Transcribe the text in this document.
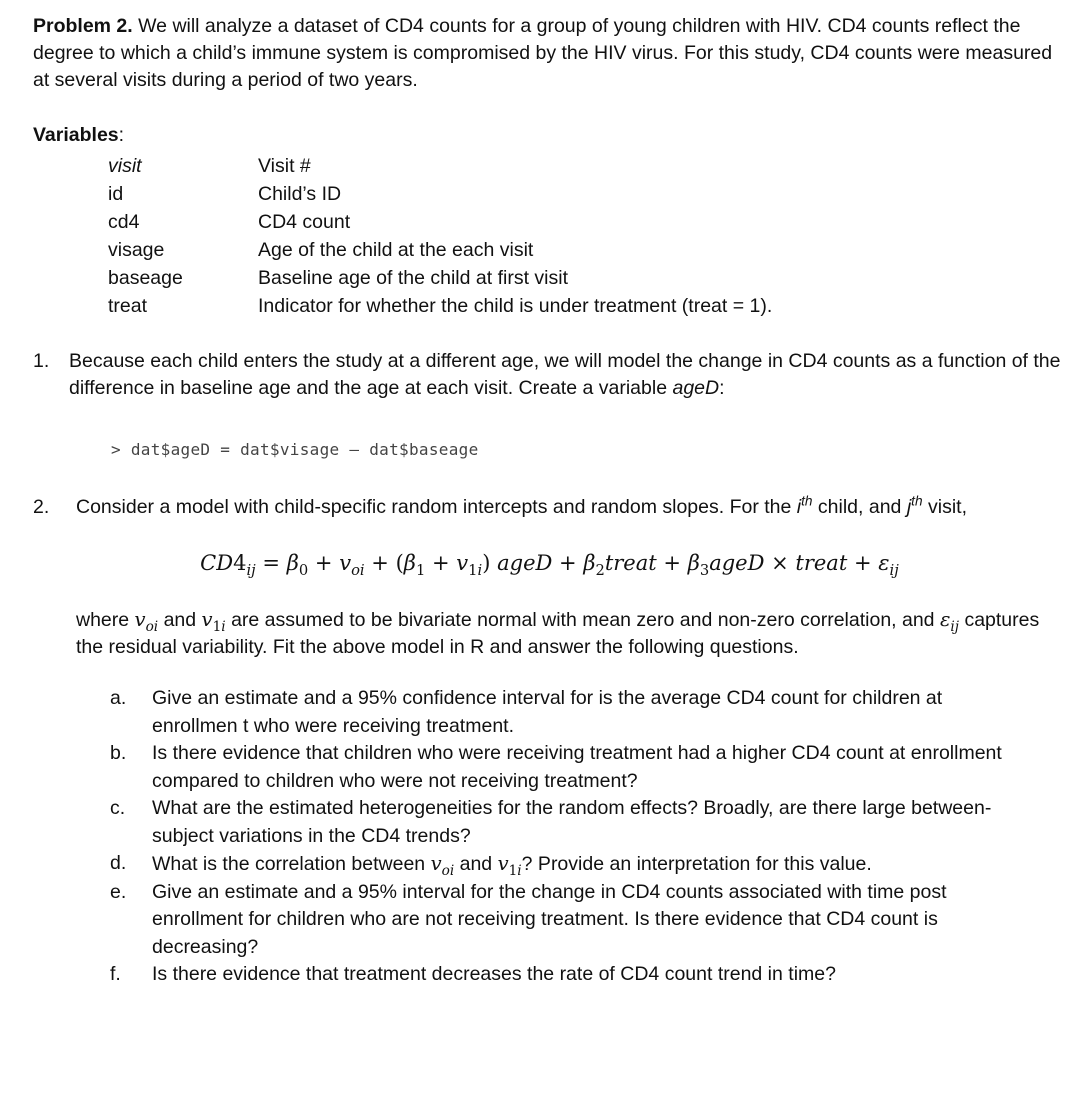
Problem 2. We will analyze a dataset of CD4 counts for a group of young children with HIV. CD4 counts reflect the degree to which a child’s immune system is compromised by the HIV virus. For this study, CD4 counts were measured at several visits during a period of two years.

Variables:
visit	Visit #
id	Child’s ID
cd4	CD4 count
visage	Age of the child at the each visit
baseage	Baseline age of the child at first visit
treat	Indicator for whether the child is under treatment (treat = 1).
1.	Because each child enters the study at a different age, we will model the change in CD4 counts as a function of the difference in baseline age and the age at each visit. Create a variable ageD:
> dat$ageD = dat$visage – dat$baseage
2.	Consider a model with child-specific random intercepts and random slopes. For the $i^{th}$ child, and $j^{th}$ visit,
$CD4_{ij} = \beta_0 + v_{oi} + (\beta_1 + v_{1i})$ ageD + $\beta_2treat$ + $\beta_3ageD$ × treat + $\varepsilon_{ij}$
where $v_{oi}$ and $v_{1i}$ are assumed to be bivariate normal with mean zero and non-zero correlation, and $\varepsilon_{ij}$ captures the residual variability. Fit the above model in R and answer the following questions.
a.	Give an estimate and a 95% confidence interval for is the average CD4 count for children at enrollmen t who were receiving treatment.
b.	Is there evidence that children who were receiving treatment had a higher CD4 count at enrollment compared to children who were not receiving treatment?
c.	What are the estimated heterogeneities for the random effects? Broadly, are there large between-subject variations in the CD4 trends?
d.	What is the correlation between $v_{oi}$ and $v_{1i}$? Provide an interpretation for this value.
e.	Give an estimate and a 95% interval for the change in CD4 counts associated with time post enrollment for children who are not receiving treatment. Is there evidence that CD4 count is decreasing?
f.	Is there evidence that treatment decreases the rate of CD4 count trend in time?
